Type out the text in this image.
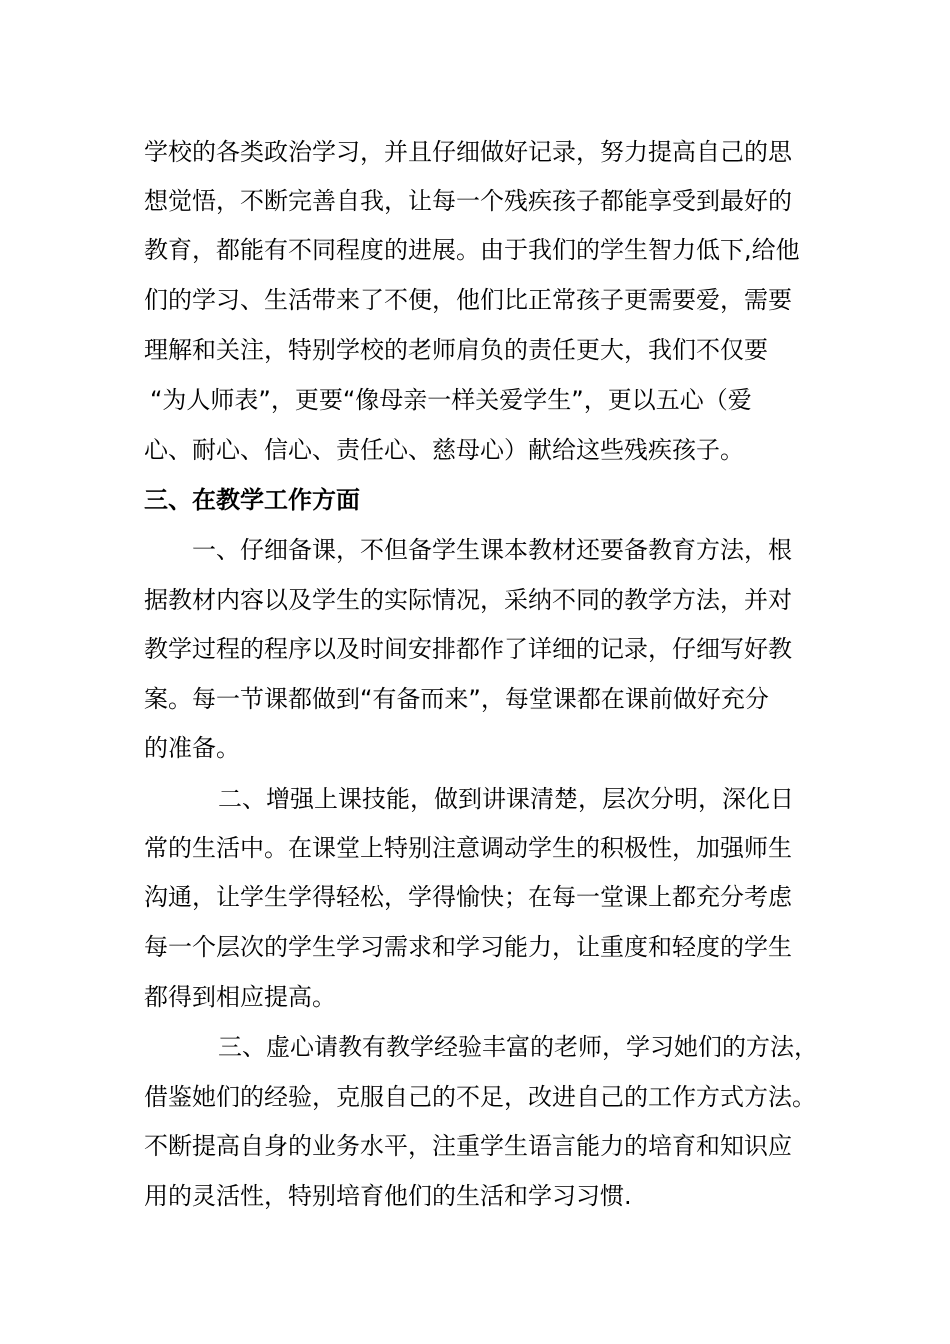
学校的各类政治学习，并且仔细做好记录，努力提高自己的思
想觉悟，不断完善自我，让每一个残疾孩子都能享受到最好的
教育，都能有不同程度的进展。由于我们的学生智力低下,给他
们的学习、生活带来了不便，他们比正常孩子更需要爱，需要
理解和关注，特别学校的老师肩负的责任更大，我们不仅要
“为人师表”，更要“像母亲一样关爱学生”，更以五心（爱
心、耐心、信心、责任心、慈母心）献给这些残疾孩子。
三、在教学工作方面
一、仔细备课，不但备学生课本教材还要备教育方法，根
据教材内容以及学生的实际情况，采纳不同的教学方法，并对
教学过程的程序以及时间安排都作了详细的记录，仔细写好教
案。每一节课都做到“有备而来”，每堂课都在课前做好充分
的准备。
二、增强上课技能，做到讲课清楚，层次分明，深化日
常的生活中。在课堂上特别注意调动学生的积极性，加强师生
沟通，让学生学得轻松，学得愉快；在每一堂课上都充分考虑
每一个层次的学生学习需求和学习能力，让重度和轻度的学生
都得到相应提高。
三、虚心请教有教学经验丰富的老师，学习她们的方法，
借鉴她们的经验，克服自己的不足，改进自己的工作方式方法。
不断提高自身的业务水平，注重学生语言能力的培育和知识应
用的灵活性，特别培育他们的生活和学习习惯.
